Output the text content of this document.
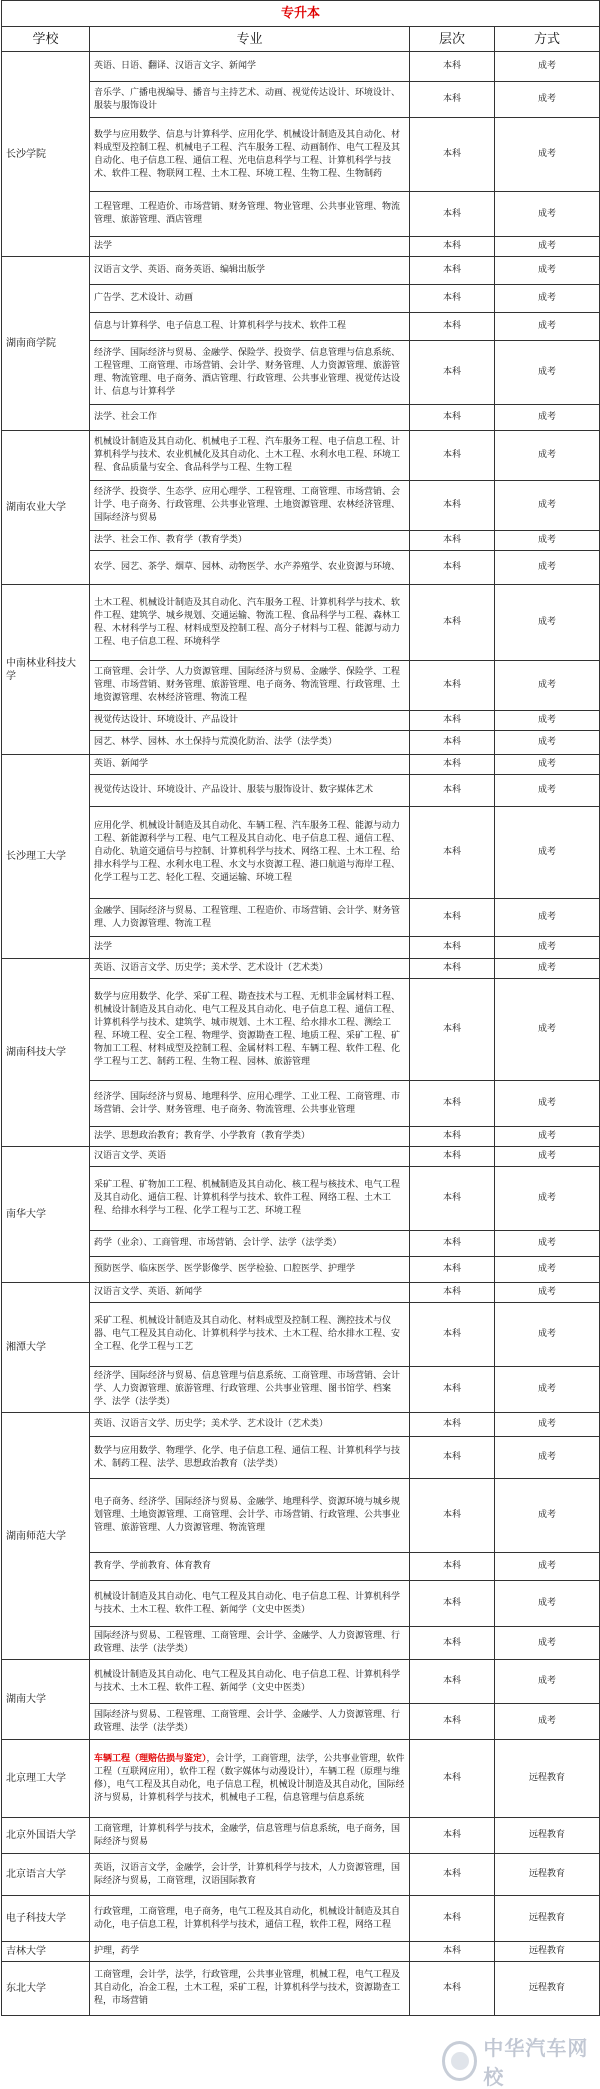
专升本			
学校	专业	层次	方式
长沙学院	英语、日语、翻译、汉语言文字、新闻学	本科	成考
	音乐学、广播电视编导、播音与主持艺术、动画、视觉传达设计、环境设计、服装与服饰设计	本科	成考
	数学与应用数学、信息与计算科学、应用化学、机械设计制造及其自动化、材料成型及控制工程、机械电子工程、汽车服务工程、动画制作、电气工程及其自动化、电子信息工程、通信工程、光电信息科学与工程、计算机科学与技术、软件工程、物联网工程、土木工程、环境工程、生物工程、生物制药	本科	成考
	工程管理、工程造价、市场营销、财务管理、物业管理、公共事业管理、物流管理、旅游管理、酒店管理	本科	成考
	法学	本科	成考
湖南商学院	汉语言文学、英语、商务英语、编辑出版学	本科	成考
	广告学、艺术设计、动画	本科	成考
	信息与计算科学、电子信息工程、计算机科学与技术、软件工程	本科	成考
	经济学、国际经济与贸易、金融学、保险学、投资学、信息管理与信息系统、工程管理、工商管理、市场营销、会计学、财务管理、人力资源管理、旅游管理、物流管理、电子商务、酒店管理、行政管理、公共事业管理、视觉传达设计、信息与计算科学	本科	成考
	法学、社会工作	本科	成考
湖南农业大学	机械设计制造及其自动化、机械电子工程、汽车服务工程、电子信息工程、计算机科学与技术、农业机械化及其自动化、土木工程、水利水电工程、环境工程、食品质量与安全、食品科学与工程、生物工程	本科	成考
	经济学、投资学、生态学、应用心理学、工程管理、工商管理、市场营销、会计学、电子商务、行政管理、公共事业管理、土地资源管理、农林经济管理、国际经济与贸易	本科	成考
	法学、社会工作、教育学（教育学类）	本科	成考
	农学、园艺、茶学、烟草、园林、动物医学、水产养殖学、农业资源与环境、	本科	成考
中南林业科技大学	土木工程、机械设计制造及其自动化、汽车服务工程、计算机科学与技术、软件工程、建筑学、城乡规划、交通运输、物流工程、食品科学与工程、森林工程、木材科学与工程、材料成型及控制工程、高分子材料与工程、能源与动力工程、电子信息工程、环境科学	本科	成考
	工商管理、会计学、人力资源管理、国际经济与贸易、金融学、保险学、工程管理、市场营销、财务管理、旅游管理、电子商务、物流管理、行政管理、土地资源管理、农林经济管理、物流工程	本科	成考
	视觉传达设计、环境设计、产品设计	本科	成考
	园艺、林学、园林、水土保持与荒漠化防治、法学（法学类）	本科	成考
长沙理工大学	英语、新闻学	本科	成考
	视觉传达设计、环境设计、产品设计、服装与服饰设计、数字媒体艺术	本科	成考
	应用化学、机械设计制造及其自动化、车辆工程、汽车服务工程、能源与动力工程、新能源科学与工程、电气工程及其自动化、电子信息工程、通信工程、自动化、轨道交通信号与控制、计算机科学与技术、网络工程、土木工程、给排水科学与工程、水利水电工程、水文与水资源工程、港口航道与海岸工程、化学工程与工艺、轻化工程、交通运输、环境工程	本科	成考
	金融学、国际经济与贸易、工程管理、工程造价、市场营销、会计学、财务管理、人力资源管理、物流工程	本科	成考
	法学	本科	成考
湖南科技大学	英语、汉语言文学、历史学；美术学、艺术设计（艺术类）	本科	成考
	数学与应用数学、化学、采矿工程、勘查技术与工程、无机非金属材料工程、机械设计制造及其自动化、电气工程及其自动化、电子信息工程、通信工程、计算机科学与技术、建筑学、城市规划、土木工程、给水排水工程、测绘工程、环境工程、安全工程、物理学、资源勘查工程、地质工程、采矿工程、矿物加工工程、材料成型及控制工程、金属材料工程、车辆工程、软件工程、化学工程与工艺、制药工程、生物工程、园林、旅游管理	本科	成考
	经济学、国际经济与贸易、地理科学、应用心理学、工业工程、工商管理、市场营销、会计学、财务管理、电子商务、物流管理、公共事业管理	本科	成考
	法学、思想政治教育；教育学、小学教育（教育学类）	本科	成考
南华大学	汉语言文学、英语	本科	成考
	采矿工程、矿物加工工程、机械制造及其自动化、核工程与核技术、电气工程及其自动化、通信工程、计算机科学与技术、软件工程、网络工程、土木工程、给排水科学与工程、化学工程与工艺、环境工程	本科	成考
	药学（业余）、工商管理、市场营销、会计学、法学（法学类）	本科	成考
	预防医学、临床医学、医学影像学、医学检验、口腔医学、护理学	本科	成考
湘潭大学	汉语言文学、英语、新闻学	本科	成考
	采矿工程、机械设计制造及其自动化、材料成型及控制工程、测控技术与仪器、电气工程及其自动化、计算机科学与技术、土木工程、给水排水工程、安全工程、化学工程与工艺	本科	成考
	经济学、国际经济与贸易、信息管理与信息系统、工商管理、市场营销、会计学、人力资源管理、旅游管理、行政管理、公共事业管理、图书馆学、档案学、法学（法学类）	本科	成考
湖南师范大学	英语、汉语言文学、历史学；美术学、艺术设计（艺术类）	本科	成考
	数学与应用数学、物理学、化学、电子信息工程、通信工程、计算机科学与技术、制药工程、法学、思想政治教育（法学类）	本科	成考
	电子商务、经济学、国际经济与贸易、金融学、地理科学、资源环境与城乡规划管理、土地资源管理、工商管理、会计学、市场营销、行政管理、公共事业管理、旅游管理、人力资源管理、物流管理	本科	成考
	教育学、学前教育、体育教育	本科	成考
	机械设计制造及其自动化、电气工程及其自动化、电子信息工程、计算机科学与技术、土木工程、软件工程、新闻学（文史中医类）	本科	成考
	国际经济与贸易、工程管理、工商管理、会计学、金融学、人力资源管理、行政管理、法学（法学类）	本科	成考
湖南大学	机械设计制造及其自动化、电气工程及其自动化、电子信息工程、计算机科学与技术、土木工程、软件工程、新闻学（文史中医类）	本科	成考
	国际经济与贸易、工程管理、工商管理、会计学、金融学、人力资源管理、行政管理、法学（法学类）	本科	成考
北京理工大学	车辆工程（理赔估损与鉴定），会计学，工商管理，法学，公共事业管理，软件工程（互联网应用），软件工程（数字媒体与动漫设计），车辆工程（原理与维修），电气工程及其自动化，电子信息工程，机械设计制造及其自动化，国际经济与贸易，计算机科学与技术，机械电子工程，信息管理与信息系统	本科	远程教育
北京外国语大学	工商管理，计算机科学与技术，金融学，信息管理与信息系统，电子商务，国际经济与贸易	本科	远程教育
北京语言大学	英语，汉语言文学，金融学，会计学，计算机科学与技术，人力资源管理，国际经济与贸易，工商管理，汉语国际教育	本科	远程教育
电子科技大学	行政管理，工商管理，电子商务，电气工程及其自动化，机械设计制造及其自动化，电子信息工程，计算机科学与技术，通信工程，软件工程，网络工程	本科	远程教育
吉林大学	护理，药学	本科	远程教育
东北大学	工商管理，会计学，法学，行政管理，公共事业管理，机械工程，电气工程及其自动化，冶金工程，土木工程，采矿工程，计算机科学与技术，资源勘查工程，市场营销	本科	远程教育
中华汽车网校
